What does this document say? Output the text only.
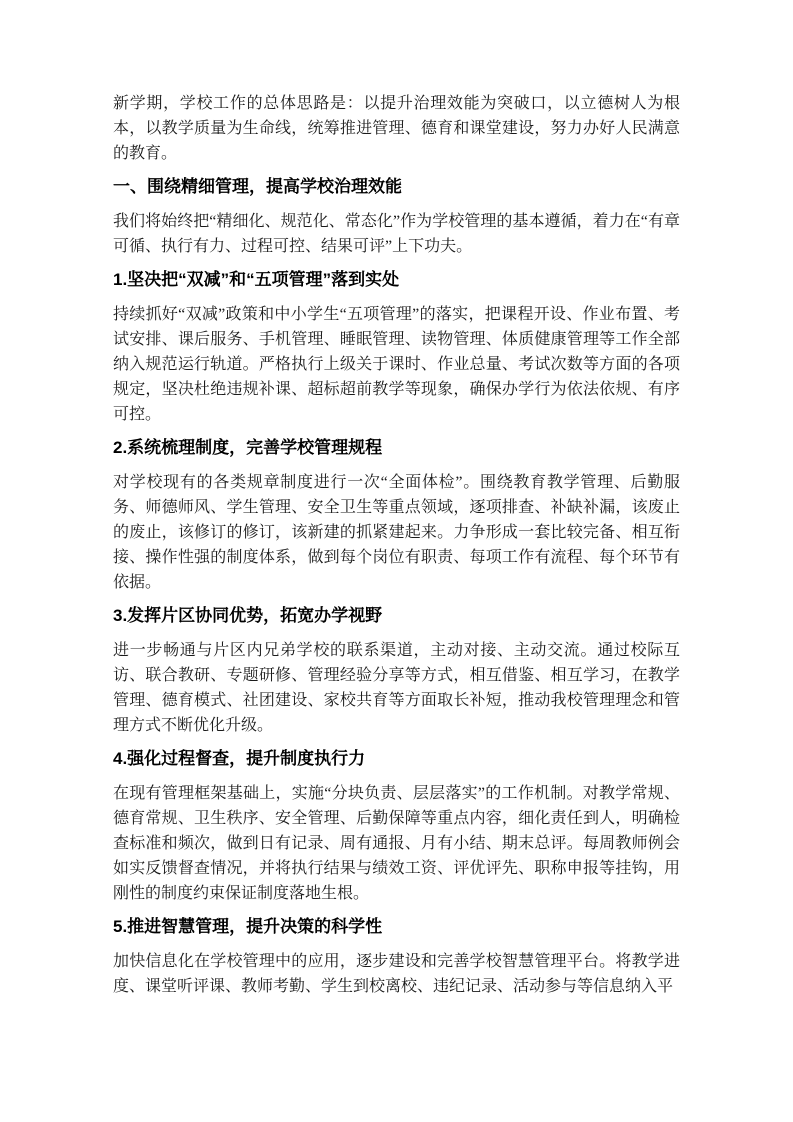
新学期，学校工作的总体思路是：以提升治理效能为突破口，以立德树人为根本，以教学质量为生命线，统筹推进管理、德育和课堂建设，努力办好人民满意的教育。

一、围绕精细管理，提高学校治理效能

我们将始终把“精细化、规范化、常态化”作为学校管理的基本遵循，着力在“有章可循、执行有力、过程可控、结果可评”上下功夫。

1.坚决把“双减”和“五项管理”落到实处

持续抓好“双减”政策和中小学生“五项管理”的落实，把课程开设、作业布置、考试安排、课后服务、手机管理、睡眠管理、读物管理、体质健康管理等工作全部纳入规范运行轨道。严格执行上级关于课时、作业总量、考试次数等方面的各项规定，坚决杜绝违规补课、超标超前教学等现象，确保办学行为依法依规、有序可控。

2.系统梳理制度，完善学校管理规程

对学校现有的各类规章制度进行一次“全面体检”。围绕教育教学管理、后勤服务、师德师风、学生管理、安全卫生等重点领域，逐项排查、补缺补漏，该废止的废止，该修订的修订，该新建的抓紧建起来。力争形成一套比较完备、相互衔接、操作性强的制度体系，做到每个岗位有职责、每项工作有流程、每个环节有依据。

3.发挥片区协同优势，拓宽办学视野

进一步畅通与片区内兄弟学校的联系渠道，主动对接、主动交流。通过校际互访、联合教研、专题研修、管理经验分享等方式，相互借鉴、相互学习，在教学管理、德育模式、社团建设、家校共育等方面取长补短，推动我校管理理念和管理方式不断优化升级。

4.强化过程督查，提升制度执行力

在现有管理框架基础上，实施“分块负责、层层落实”的工作机制。对教学常规、德育常规、卫生秩序、安全管理、后勤保障等重点内容，细化责任到人，明确检查标准和频次，做到日有记录、周有通报、月有小结、期末总评。每周教师例会如实反馈督查情况，并将执行结果与绩效工资、评优评先、职称申报等挂钩，用刚性的制度约束保证制度落地生根。

5.推进智慧管理，提升决策的科学性

加快信息化在学校管理中的应用，逐步建设和完善学校智慧管理平台。将教学进度、课堂听评课、教师考勤、学生到校离校、违纪记录、活动参与等信息纳入平
